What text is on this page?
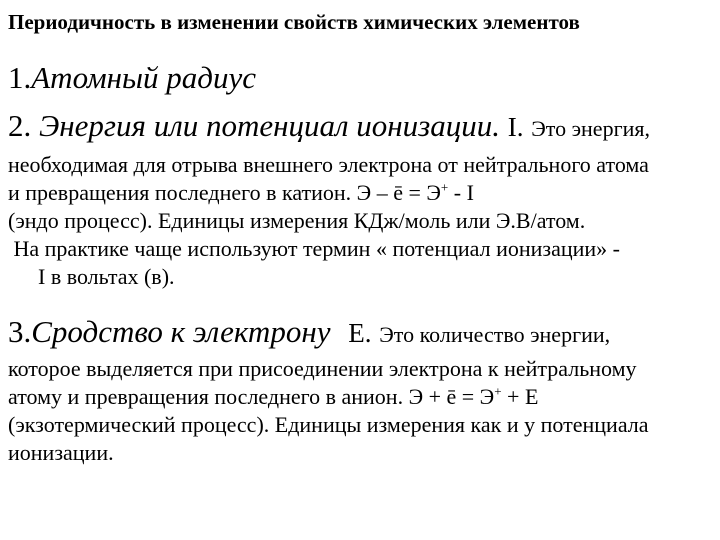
Периодичность в изменении свойств химических элементов
1.Атомный радиус
2. Энергия или потенциал ионизации. I. Это энергия,
необходимая для отрыва внешнего электрона от нейтрального атома
и превращения последнего в катион. Э – ē = Э+ - I
(эндо процесс). Единицы измерения КДж/моль или Э.В/атом.
На практике чаще используют термин « потенциал ионизации» -
I в вольтах (в).
3.Сродство к электрону Е. Это количество энергии,
которое выделяется при присоединении электрона к нейтральному
атому и превращения последнего в анион. Э + ē = Э+ + Е
(экзотермический процесс). Единицы измерения как и у потенциала
ионизации.
